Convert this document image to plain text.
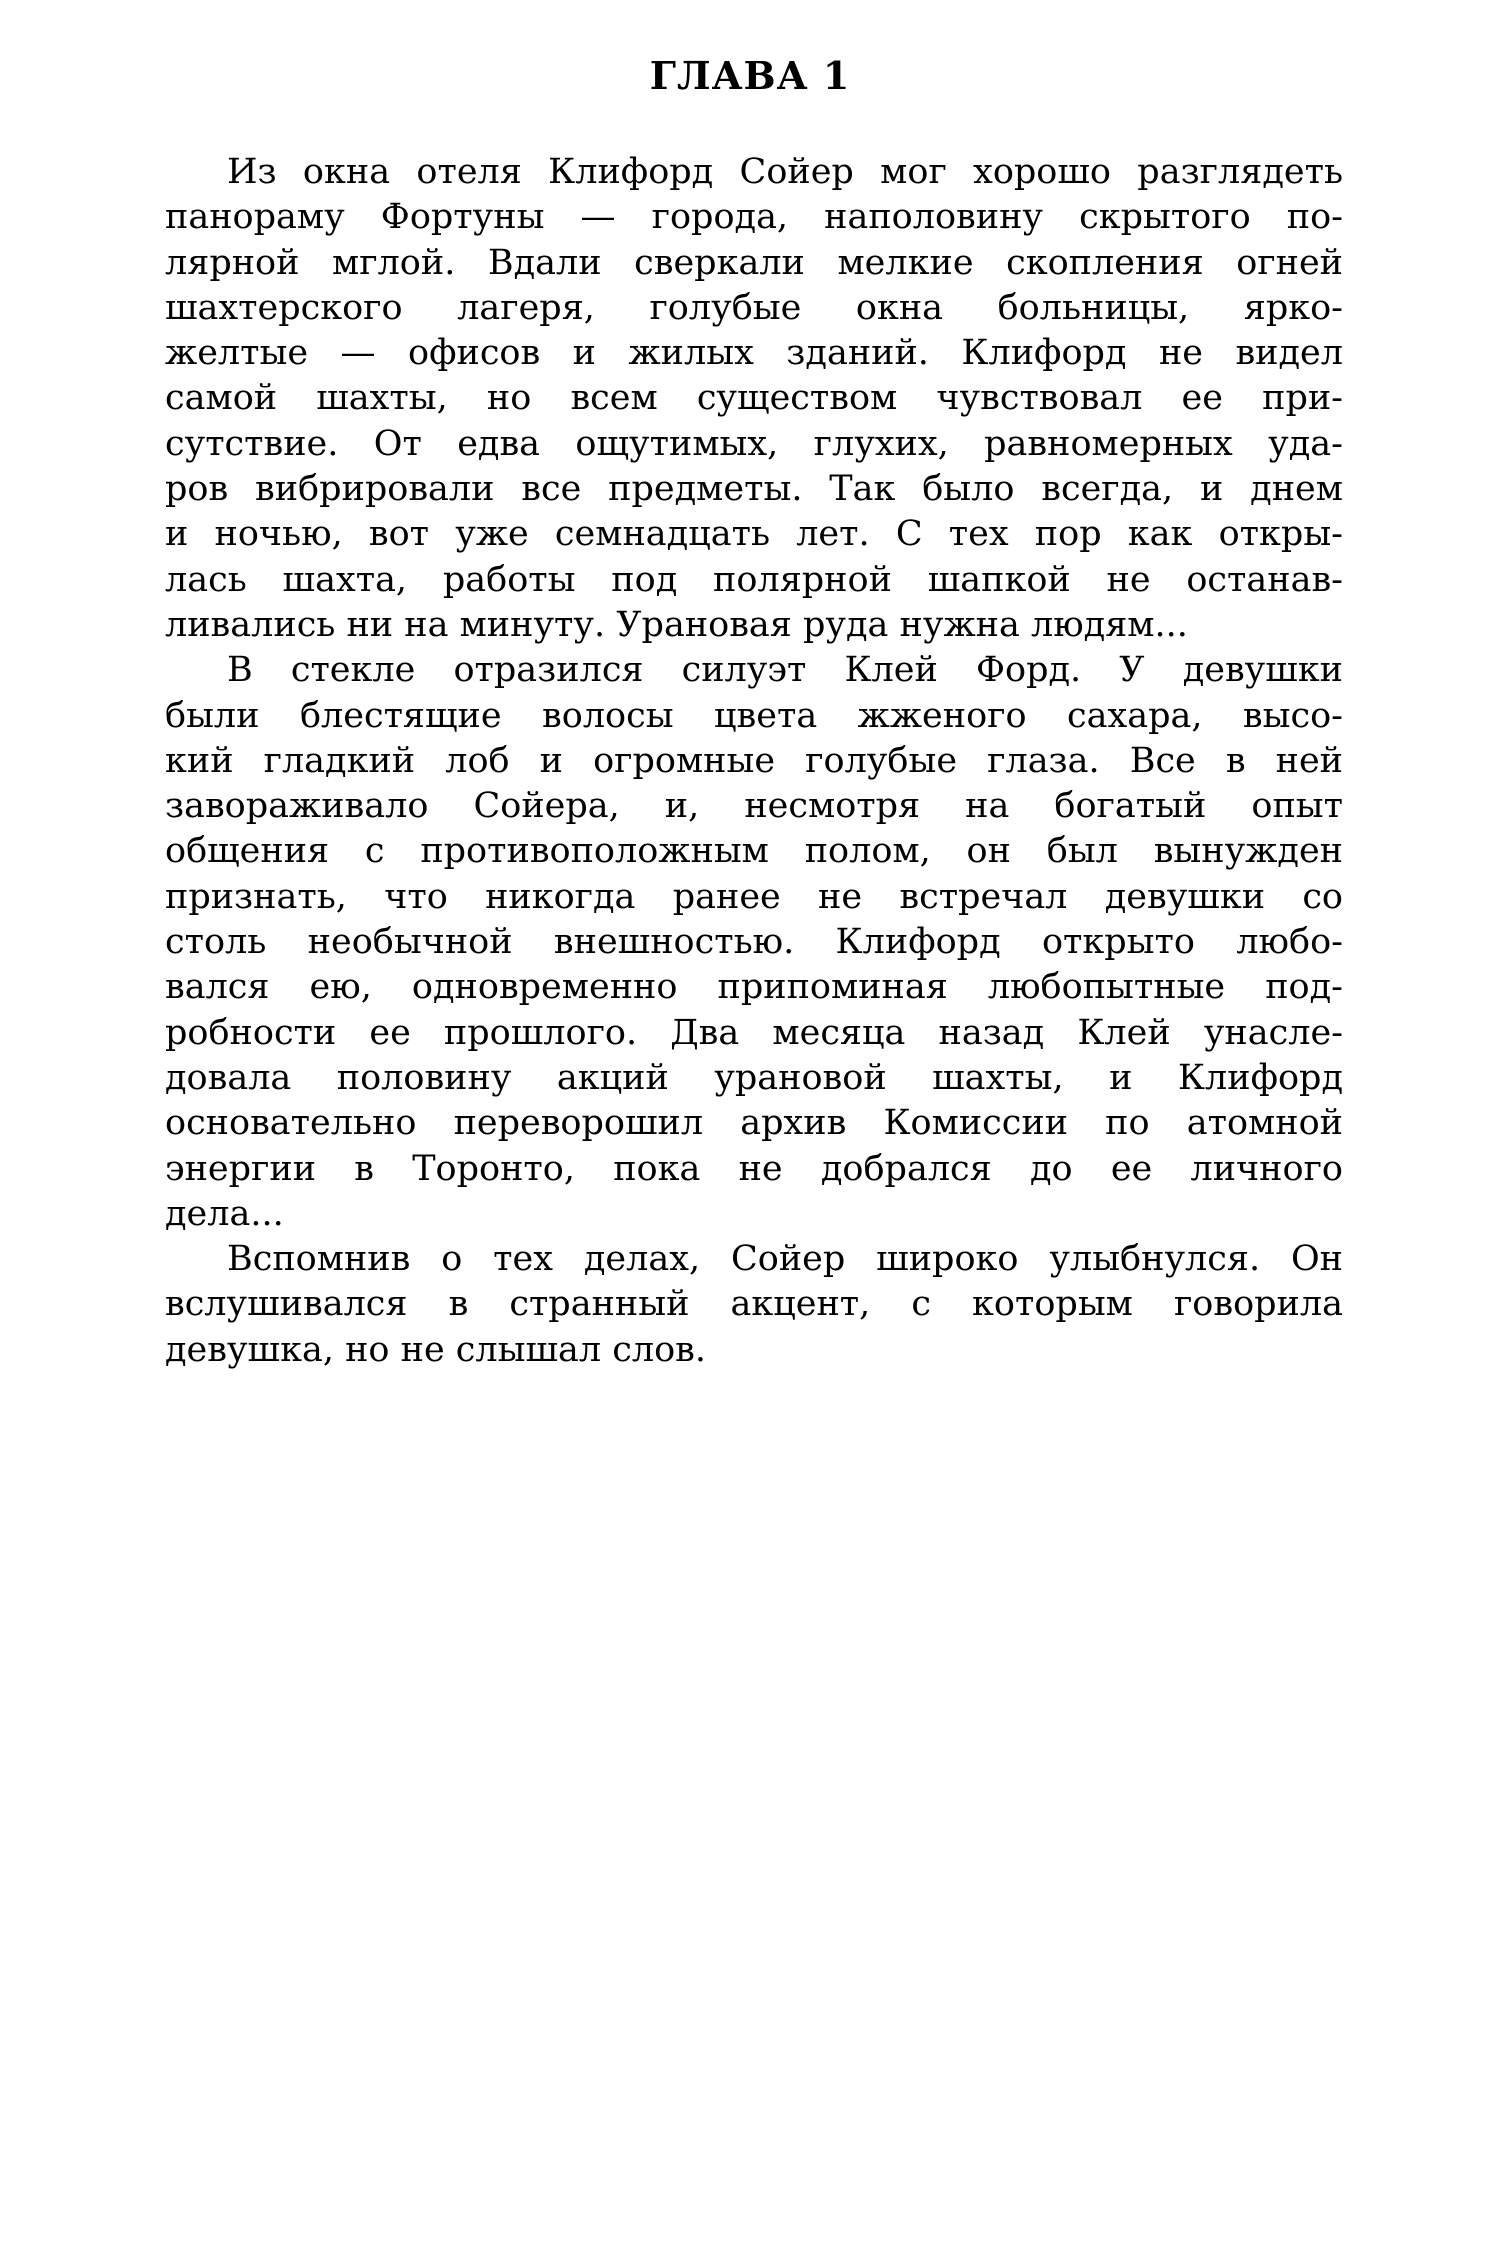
ГЛАВА 1
Из окна отеля Клифорд Сойер мог хорошо разглядеть
панораму Фортуны — города, наполовину скрытого по-
лярной мглой. Вдали сверкали мелкие скопления огней
шахтерского лагеря, голубые окна больницы, ярко-
желтые — офисов и жилых зданий. Клифорд не видел
самой шахты, но всем существом чувствовал ее при-
сутствие. От едва ощутимых, глухих, равномерных уда-
ров вибрировали все предметы. Так было всегда, и днем
и ночью, вот уже семнадцать лет. С тех пор как откры-
лась шахта, работы под полярной шапкой не останав-
ливались ни на минуту. Урановая руда нужна людям...
В стекле отразился силуэт Клей Форд. У девушки
были блестящие волосы цвета жженого сахара, высо-
кий гладкий лоб и огромные голубые глаза. Все в ней
завораживало Сойера, и, несмотря на богатый опыт
общения с противоположным полом, он был вынужден
признать, что никогда ранее не встречал девушки со
столь необычной внешностью. Клифорд открыто любо-
вался ею, одновременно припоминая любопытные под-
робности ее прошлого. Два месяца назад Клей унасле-
довала половину акций урановой шахты, и Клифорд
основательно переворошил архив Комиссии по атомной
энергии в Торонто, пока не добрался до ее личного
дела...
Вспомнив о тех делах, Сойер широко улыбнулся. Он
вслушивался в странный акцент, с которым говорила
девушка, но не слышал слов.
